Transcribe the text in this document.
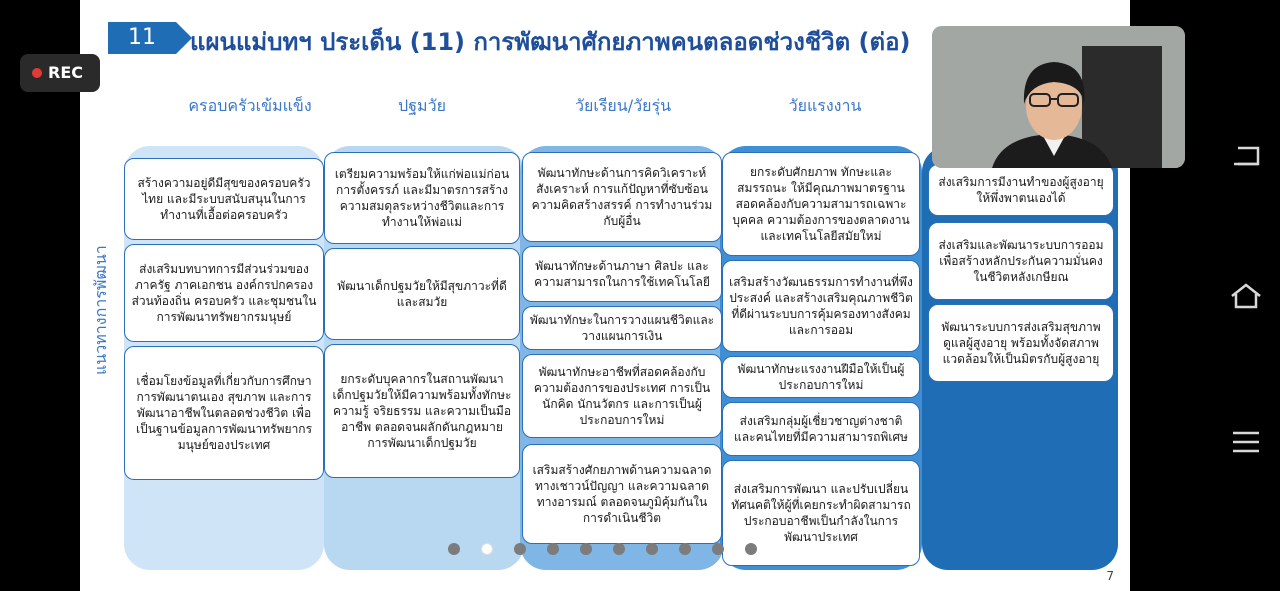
11	แผนแม่บทฯ ประเด็น (11) การพัฒนาศักยภาพคนตลอดช่วงชีวิต (ต่อ)
ครอบครัวเข้มแข็ง	ปฐมวัย	วัยเรียน/วัยรุ่น	วัยแรงงาน
แนวทางการพัฒนา
สร้างความอยู่ดีมีสุขของครอบครัวไทย และมีระบบสนับสนุนในการทำงานที่เอื้อต่อครอบครัว
ส่งเสริมบทบาทการมีส่วนร่วมของภาครัฐ ภาคเอกชน องค์กรปกครองส่วนท้องถิ่น ครอบครัว และชุมชนในการพัฒนาทรัพยากรมนุษย์
เชื่อมโยงข้อมูลที่เกี่ยวกับการศึกษา การพัฒนาตนเอง สุขภาพ และการพัฒนาอาชีพในตลอดช่วงชีวิต เพื่อเป็นฐานข้อมูลการพัฒนาทรัพยากรมนุษย์ของประเทศ
เตรียมความพร้อมให้แก่พ่อแม่ก่อนการตั้งครรภ์ และมีมาตรการสร้างความสมดุลระหว่างชีวิตและการทำงานให้พ่อแม่
พัฒนาเด็กปฐมวัยให้มีสุขภาวะที่ดีและสมวัย
ยกระดับบุคลากรในสถานพัฒนาเด็กปฐมวัยให้มีความพร้อมทั้งทักษะ ความรู้ จริยธรรม และความเป็นมืออาชีพ ตลอดจนผลักดันกฎหมายการพัฒนาเด็กปฐมวัย
พัฒนาทักษะด้านการคิดวิเคราะห์ สังเคราะห์ การแก้ปัญหาที่ซับซ้อน ความคิดสร้างสรรค์ การทำงานร่วมกับผู้อื่น
พัฒนาทักษะด้านภาษา ศิลปะ และความสามารถในการใช้เทคโนโลยี
พัฒนาทักษะในการวางแผนชีวิตและวางแผนการเงิน
พัฒนาทักษะอาชีพที่สอดคล้องกับความต้องการของประเทศ การเป็นนักคิด นักนวัตกร และการเป็นผู้ประกอบการใหม่
เสริมสร้างศักยภาพด้านความฉลาดทางเชาวน์ปัญญา และความฉลาดทางอารมณ์ ตลอดจนภูมิคุ้มกันในการดำเนินชีวิต
ยกระดับศักยภาพ ทักษะและสมรรถนะ ให้มีคุณภาพมาตรฐานสอดคล้องกับความสามารถเฉพาะบุคคล ความต้องการของตลาดงานและเทคโนโลยีสมัยใหม่
เสริมสร้างวัฒนธรรมการทำงานที่พึงประสงค์ และสร้างเสริมคุณภาพชีวิตที่ดีผ่านระบบการคุ้มครองทางสังคมและการออม
พัฒนาทักษะแรงงานฝีมือให้เป็นผู้ประกอบการใหม่
ส่งเสริมกลุ่มผู้เชี่ยวชาญต่างชาติและคนไทยที่มีความสามารถพิเศษ
ส่งเสริมการพัฒนา และปรับเปลี่ยนทัศนคติให้ผู้ที่เคยกระทำผิดสามารถประกอบอาชีพเป็นกำลังในการพัฒนาประเทศ
ส่งเสริมการมีงานทำของผู้สูงอายุให้พึ่งพาตนเองได้
ส่งเสริมและพัฒนาระบบการออม เพื่อสร้างหลักประกันความมั่นคงในชีวิตหลังเกษียณ
พัฒนาระบบการส่งเสริมสุขภาพดูแลผู้สูงอายุ พร้อมทั้งจัดสภาพแวดล้อมให้เป็นมิตรกับผู้สูงอายุ
7
REC
